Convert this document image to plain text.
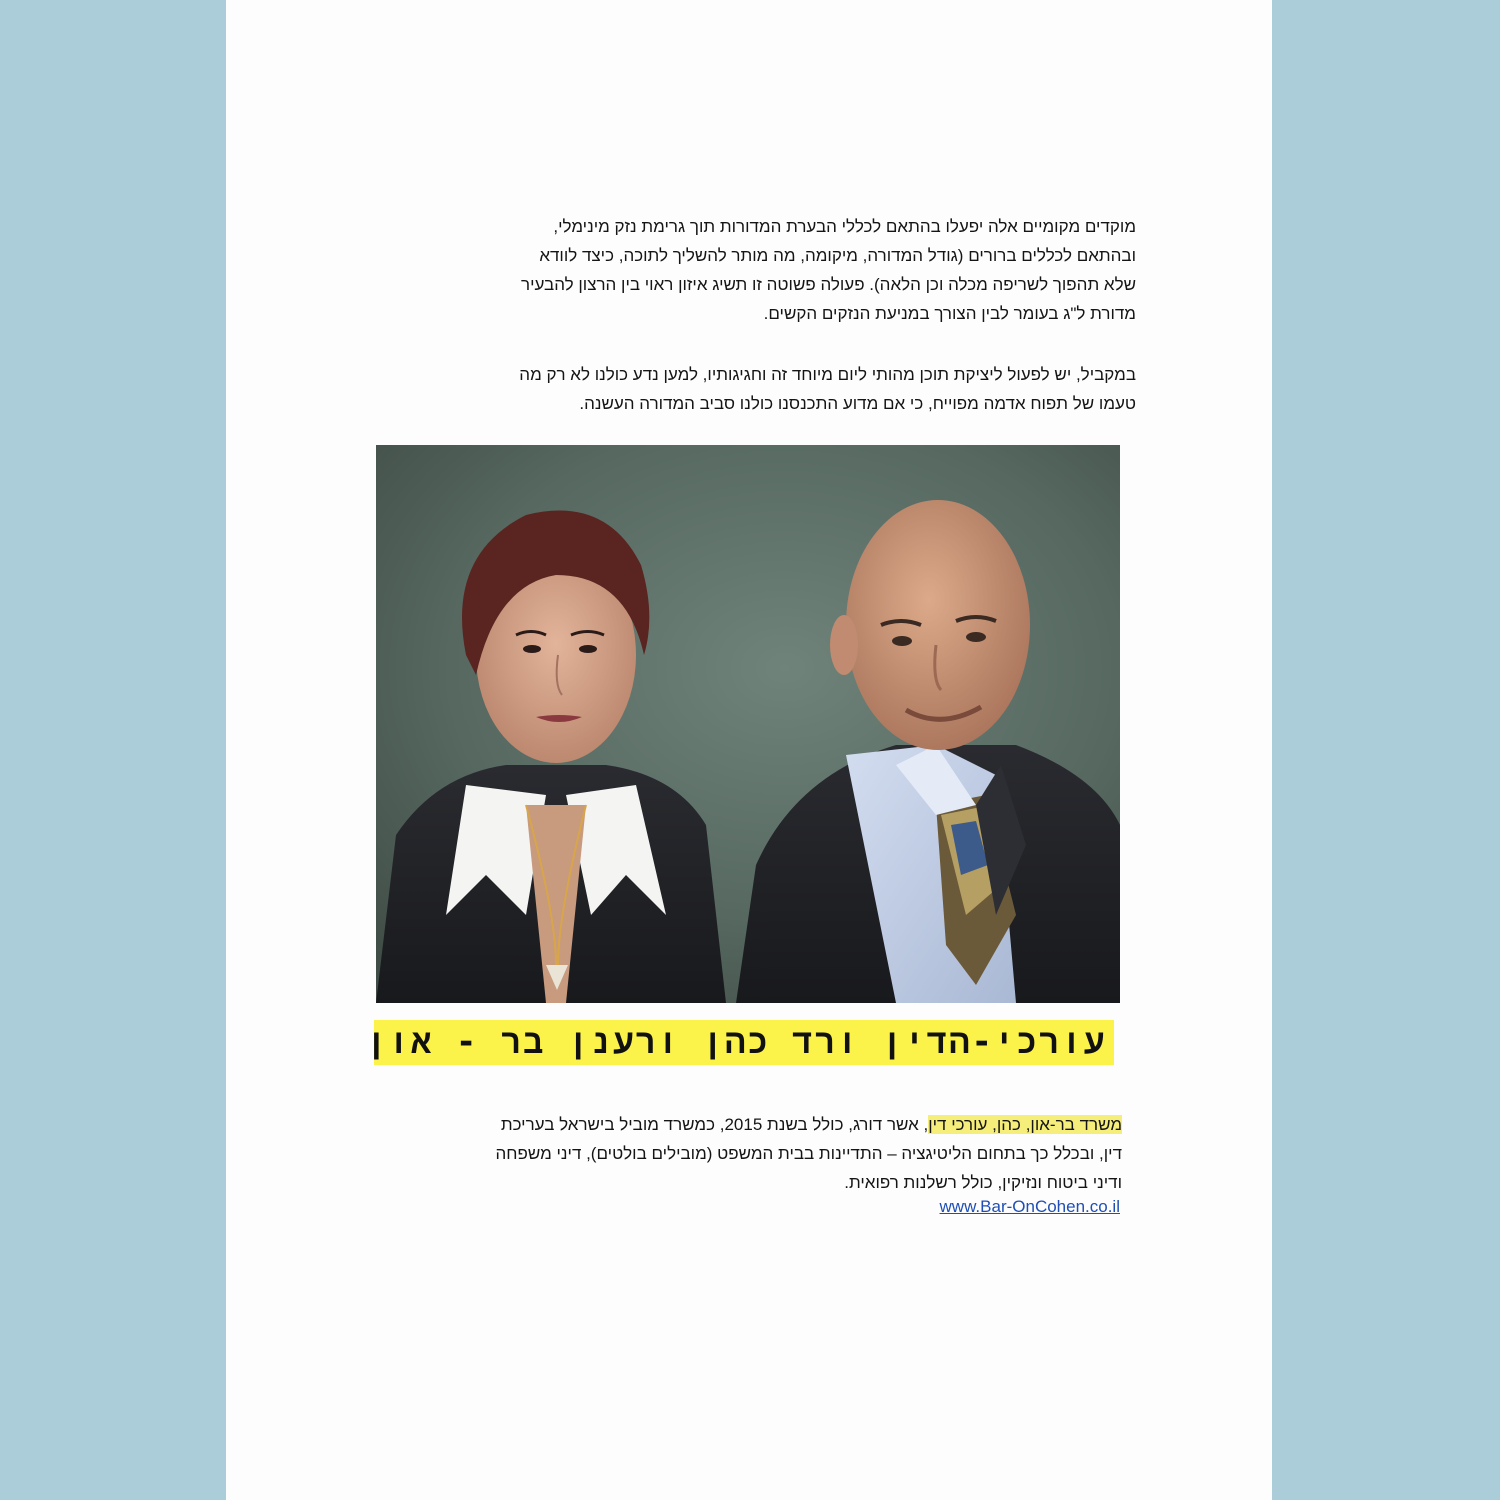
מוקדים מקומיים אלה יפעלו בהתאם לכללי הבערת המדורות תוך גרימת נזק מינימלי,
ובהתאם לכללים ברורים (גודל המדורה, מיקומה, מה מותר להשליך לתוכה, כיצד לוודא
שלא תהפוך לשריפה מכלה וכן הלאה). פעולה פשוטה זו תשיג איזון ראוי בין הרצון להבעיר
מדורת ל"ג בעומר לבין הצורך במניעת הנזקים הקשים.

במקביל, יש לפעול ליציקת תוכן מהותי ליום מיוחד זה וחגיגותיו, למען נדע כולנו לא רק מה
טעמו של תפוח אדמה מפוייח, כי אם מדוע התכנסנו כולנו סביב המדורה העשנה.

עורכי-הדין ורד כהן ורענן בר - און

משרד בר-און, כהן, עורכי דין, אשר דורג, כולל בשנת 2015, כמשרד מוביל בישראל בעריכת
דין, ובכלל כך בתחום הליטיגציה – התדיינות בבית המשפט (מובילים בולטים), דיני משפחה
ודיני ביטוח ונזיקין, כולל רשלנות רפואית.

www.Bar-OnCohen.co.il
